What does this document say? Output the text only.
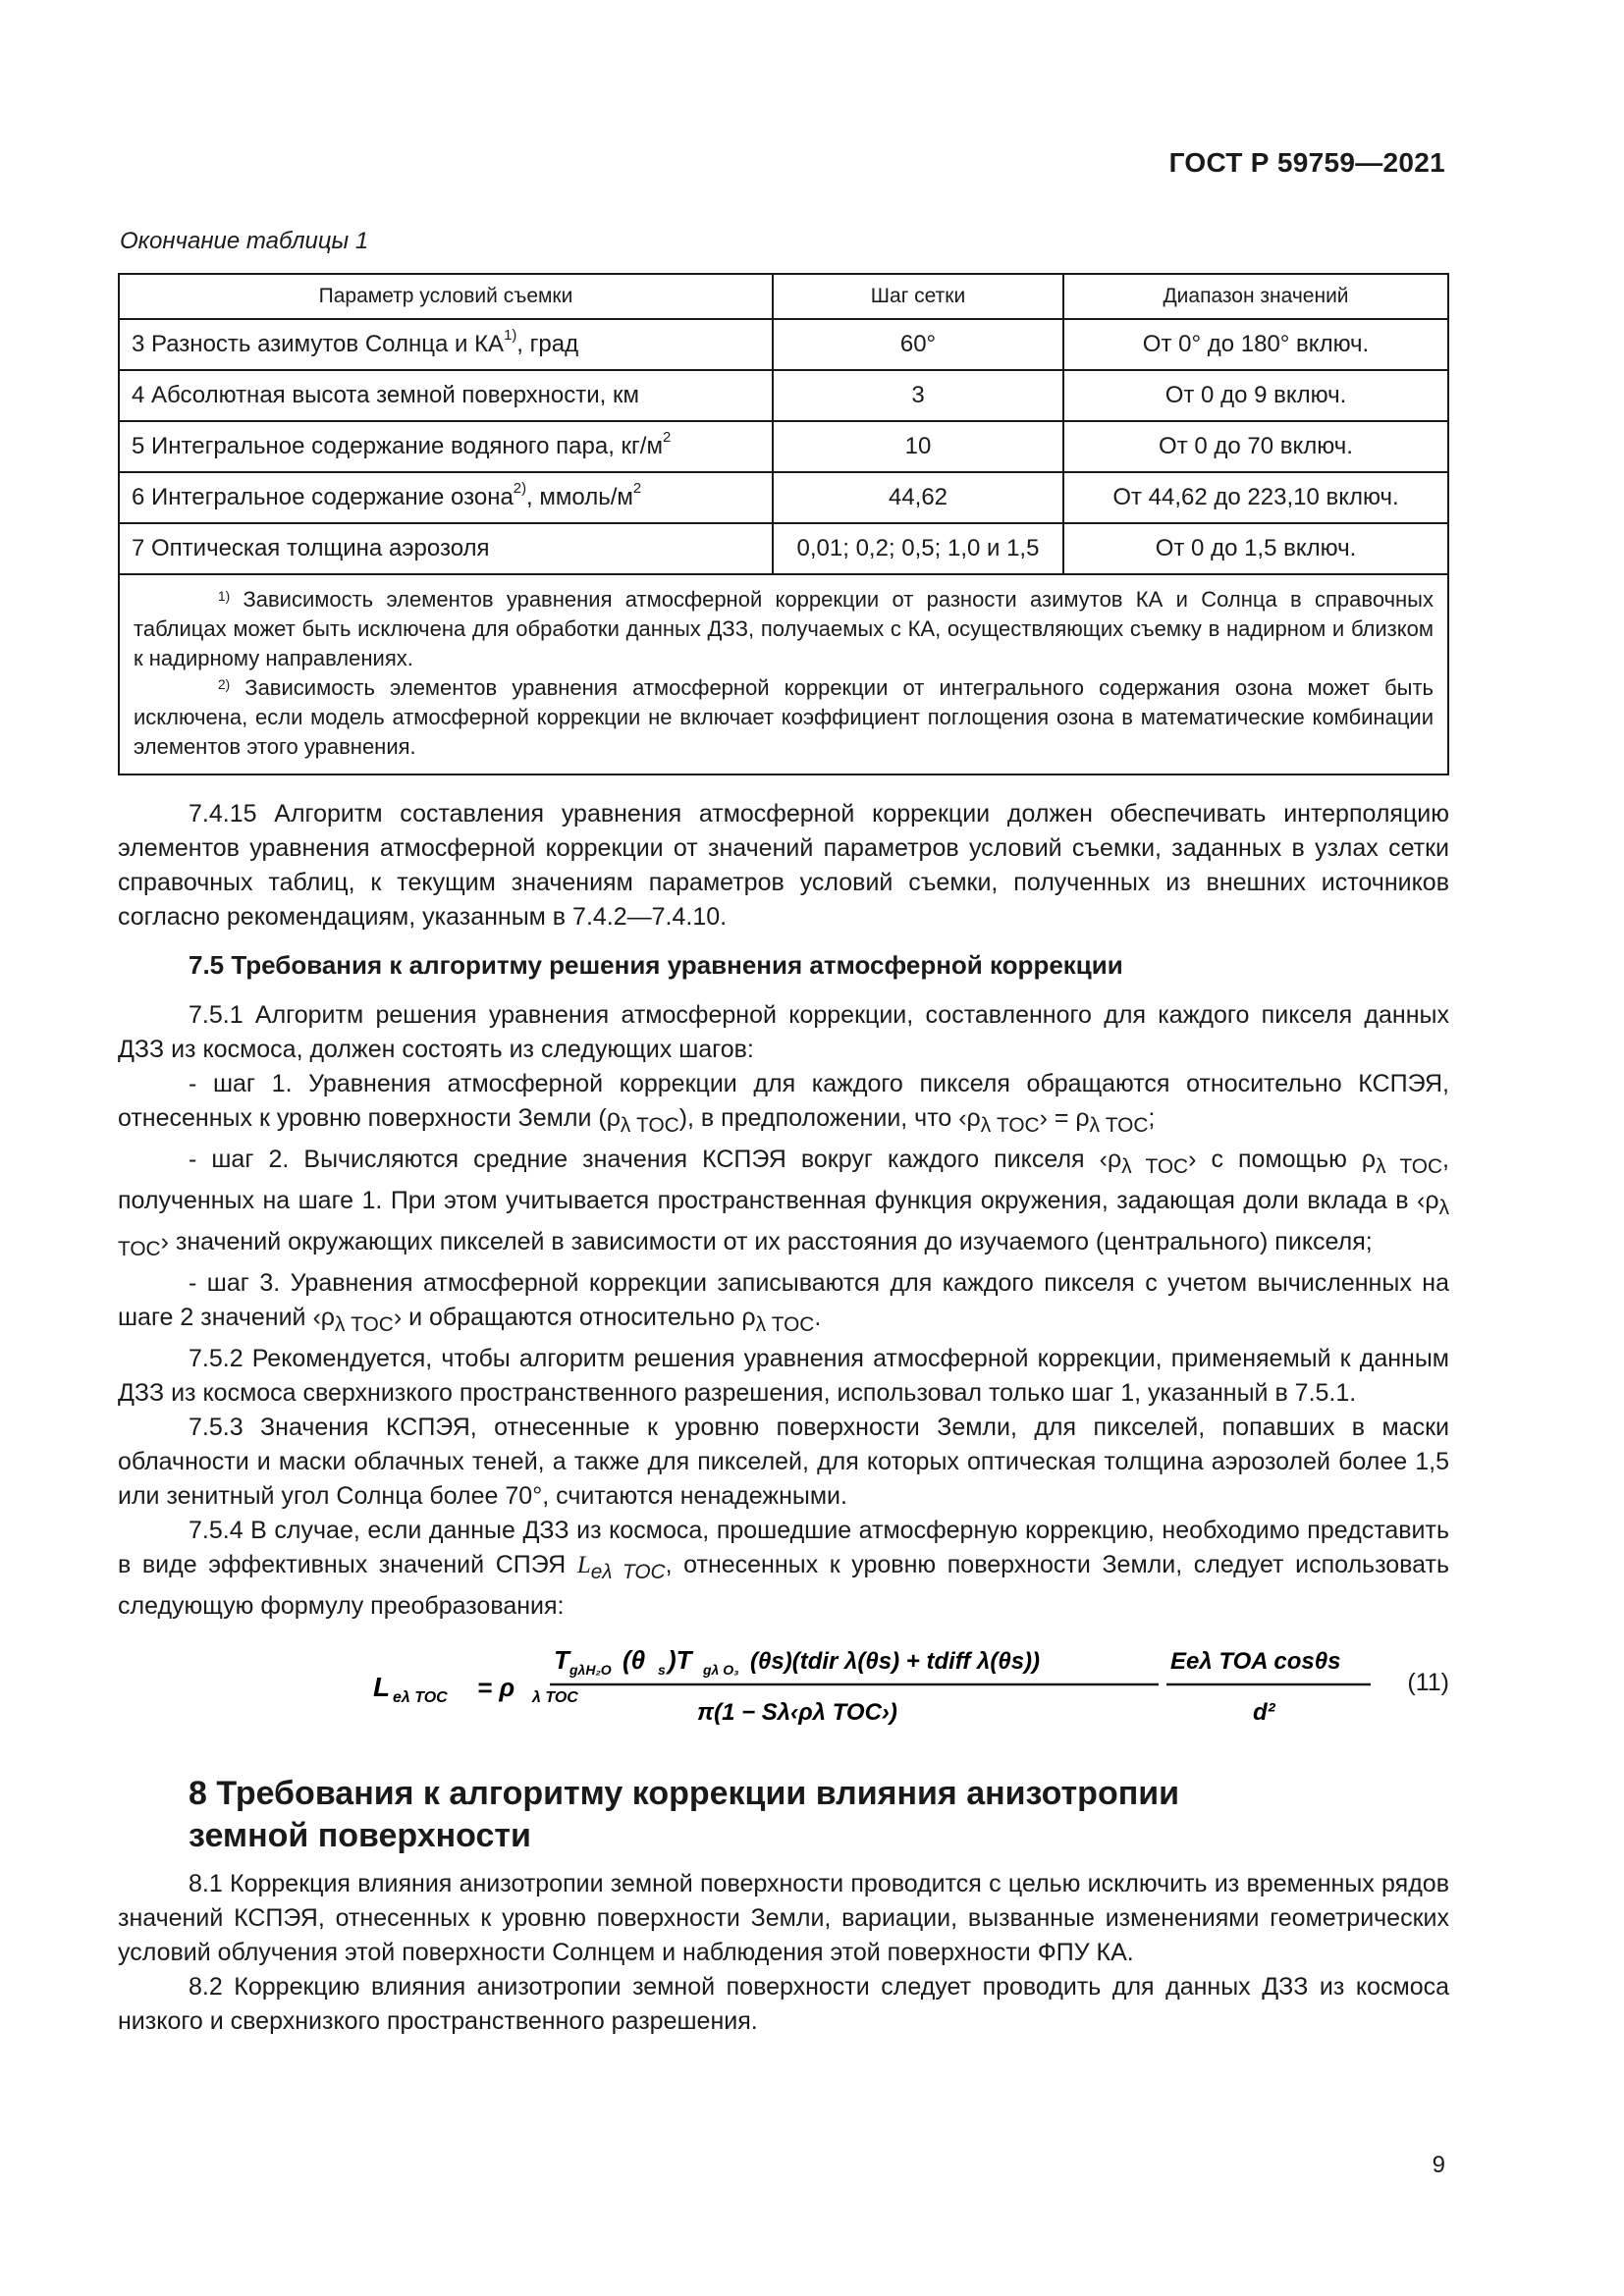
ГОСТ Р 59759—2021
Окончание таблицы 1
Параметр условий съемки	Шаг сетки	Диапазон значений
3 Разность азимутов Солнца и КА$^{1)}$, град	60°	От 0° до 180° включ.
4 Абсолютная высота земной поверхности, км	3	От 0 до 9 включ.
5 Интегральное содержание водяного пара, $кг/м^2$	10	От 0 до 70 включ.
6 Интегральное содержание озона$^{2)}$, ммоль/$м^2$	44,62	От 44,62 до 223,10 включ.
7 Оптическая толщина аэрозоля	0,01; 0,2; 0,5; 1,0 и 1,5	От 0 до 1,5 включ.

$^{1)}$ Зависимость элементов уравнения атмосферной коррекции от разности азимутов КА и Солнца в справочных таблицах может быть исключена для обработки данных ДЗЗ, получаемых с КА, осуществляющих съемку в надирном и близком к надирному направлениях.
$^{2)}$ Зависимость элементов уравнения атмосферной коррекции от интегрального содержания озона может быть исключена, если модель атмосферной коррекции не включает коэффициент поглощения озона в математические комбинации элементов этого уравнения.		

7.4.15 Алгоритм составления уравнения атмосферной коррекции должен обеспечивать интерполяцию элементов уравнения атмосферной коррекции от значений параметров условий съемки, заданных в узлах сетки справочных таблиц, к текущим значениям параметров условий съемки, полученных из внешних источников согласно рекомендациям, указанным в 7.4.2—7.4.10.

7.5 Требования к алгоритму решения уравнения атмосферной коррекции

7.5.1 Алгоритм решения уравнения атмосферной коррекции, составленного для каждого пикселя данных ДЗЗ из космоса, должен состоять из следующих шагов:

- шаг 1. Уравнения атмосферной коррекции для каждого пикселя обращаются относительно КСПЭЯ, отнесенных к уровню поверхности Земли $(\rho_{\lambda TOC})$, в предположении, что $‹\rho_{\lambda TOC}› = \rho_{\lambda TOC}$;

- шаг 2. Вычисляются средние значения КСПЭЯ вокруг каждого пикселя $‹\rho_{\lambda TOC}›$ с помощью $\rho_{\lambda TOC}$, полученных на шаге 1. При этом учитывается пространственная функция окружения, задающая доли вклада в $‹\rho_{\lambda TOC}›$ значений окружающих пикселей в зависимости от их расстояния до изучаемого (центрального) пикселя;

- шаг 3. Уравнения атмосферной коррекции записываются для каждого пикселя с учетом вычисленных на шаге 2 значений $‹\rho_{\lambda TOC}›$ и обращаются относительно $\rho_{\lambda TOC}$.

7.5.2 Рекомендуется, чтобы алгоритм решения уравнения атмосферной коррекции, применяемый к данным ДЗЗ из космоса сверхнизкого пространственного разрешения, использовал только шаг 1, указанный в 7.5.1.

7.5.3 Значения КСПЭЯ, отнесенные к уровню поверхности Земли, для пикселей, попавших в маски облачности и маски облачных теней, а также для пикселей, для которых оптическая толщина аэрозолей более 1,5 или зенитный угол Солнца более 70°, считаются ненадежными.

7.5.4 В случае, если данные ДЗЗ из космоса, прошедшие атмосферную коррекцию, необходимо представить в виде эффективных значений СПЭЯ $L_{e\lambda TOC}$, отнесенных к уровню поверхности Земли, следует использовать следующую формулу преобразования:

L eλ TOC = ρ λ TOC
T gλH₂O (θ s )T gλ O₃ (θs)(tdir λ(θs) + tdiff λ(θs))
π(1 − Sλ‹ρλ TOC›)
Eeλ TOA cosθs
d²
(11)
8 Требования к алгоритму коррекции влияния анизотропии
земной поверхности

8.1 Коррекция влияния анизотропии земной поверхности проводится с целью исключить из временных рядов значений КСПЭЯ, отнесенных к уровню поверхности Земли, вариации, вызванные изменениями геометрических условий облучения этой поверхности Солнцем и наблюдения этой поверхности ФПУ КА.

8.2 Коррекцию влияния анизотропии земной поверхности следует проводить для данных ДЗЗ из космоса низкого и сверхнизкого пространственного разрешения.

9
